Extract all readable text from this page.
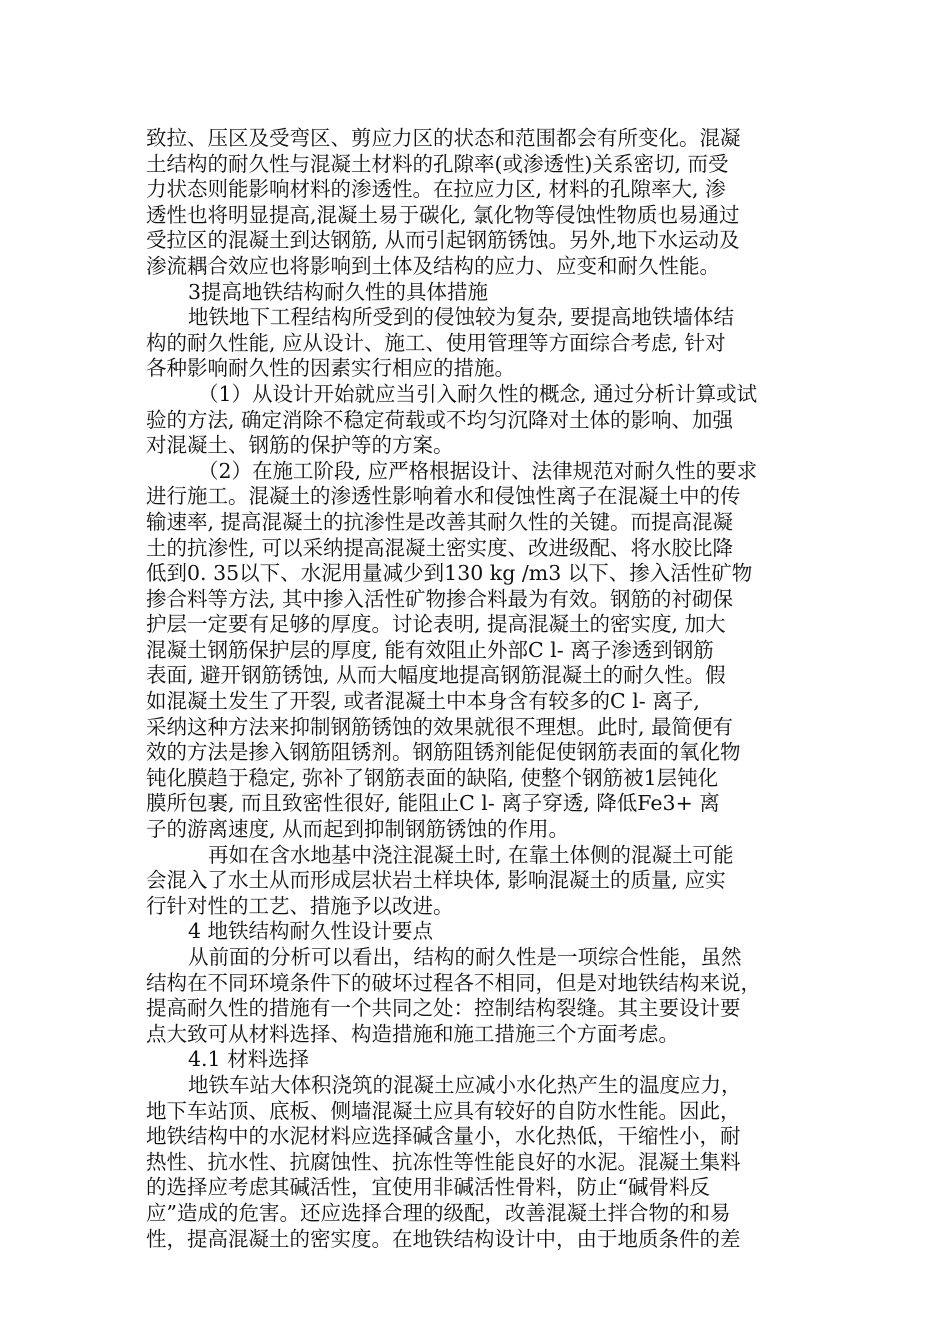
致拉、压区及受弯区、剪应力区的状态和范围都会有所变化。混凝
土结构的耐久性与混凝土材料的孔隙率(或渗透性)关系密切, 而受
力状态则能影响材料的渗透性。在拉应力区, 材料的孔隙率大, 渗
透性也将明显提高,混凝土易于碳化, 氯化物等侵蚀性物质也易通过
受拉区的混凝土到达钢筋, 从而引起钢筋锈蚀。另外,地下水运动及
渗流耦合效应也将影响到土体及结构的应力、应变和耐久性能。
3提高地铁结构耐久性的具体措施
地铁地下工程结构所受到的侵蚀较为复杂, 要提高地铁墙体结
构的耐久性能, 应从设计、施工、使用管理等方面综合考虑, 针对
各种影响耐久性的因素实行相应的措施。
（1）从设计开始就应当引入耐久性的概念, 通过分析计算或试
验的方法, 确定消除不稳定荷载或不均匀沉降对土体的影响、加强
对混凝土、钢筋的保护等的方案。
（2）在施工阶段, 应严格根据设计、法律规范对耐久性的要求
进行施工。混凝土的渗透性影响着水和侵蚀性离子在混凝土中的传
输速率, 提高混凝土的抗渗性是改善其耐久性的关键。而提高混凝
土的抗渗性, 可以采纳提高混凝土密实度、改进级配、将水胶比降
低到0. 35以下、水泥用量减少到130 kg /m3 以下、掺入活性矿物
掺合料等方法, 其中掺入活性矿物掺合料最为有效。钢筋的衬砌保
护层一定要有足够的厚度。讨论表明, 提高混凝土的密实度, 加大
混凝土钢筋保护层的厚度, 能有效阻止外部C l- 离子渗透到钢筋
表面, 避开钢筋锈蚀, 从而大幅度地提高钢筋混凝土的耐久性。假
如混凝土发生了开裂, 或者混凝土中本身含有较多的C l- 离子,
采纳这种方法来抑制钢筋锈蚀的效果就很不理想。此时, 最简便有
效的方法是掺入钢筋阻锈剂。钢筋阻锈剂能促使钢筋表面的氧化物
钝化膜趋于稳定, 弥补了钢筋表面的缺陷, 使整个钢筋被1层钝化
膜所包裹, 而且致密性很好, 能阻止C l- 离子穿透, 降低Fe3+ 离
子的游离速度, 从而起到抑制钢筋锈蚀的作用。
再如在含水地基中浇注混凝土时, 在靠土体侧的混凝土可能
会混入了水土从而形成层状岩土样块体, 影响混凝土的质量, 应实
行针对性的工艺、措施予以改进。
4 地铁结构耐久性设计要点
从前面的分析可以看出，结构的耐久性是一项综合性能，虽然
结构在不同环境条件下的破坏过程各不相同，但是对地铁结构来说，
提高耐久性的措施有一个共同之处：控制结构裂缝。其主要设计要
点大致可从材料选择、构造措施和施工措施三个方面考虑。
4.1 材料选择
地铁车站大体积浇筑的混凝土应减小水化热产生的温度应力，
地下车站顶、底板、侧墙混凝土应具有较好的自防水性能。因此，
地铁结构中的水泥材料应选择碱含量小，水化热低，干缩性小，耐
热性、抗水性、抗腐蚀性、抗冻性等性能良好的水泥。混凝土集料
的选择应考虑其碱活性，宜使用非碱活性骨料，防止“碱骨料反
应”造成的危害。还应选择合理的级配，改善混凝土拌合物的和易
性，提高混凝土的密实度。在地铁结构设计中，由于地质条件的差
